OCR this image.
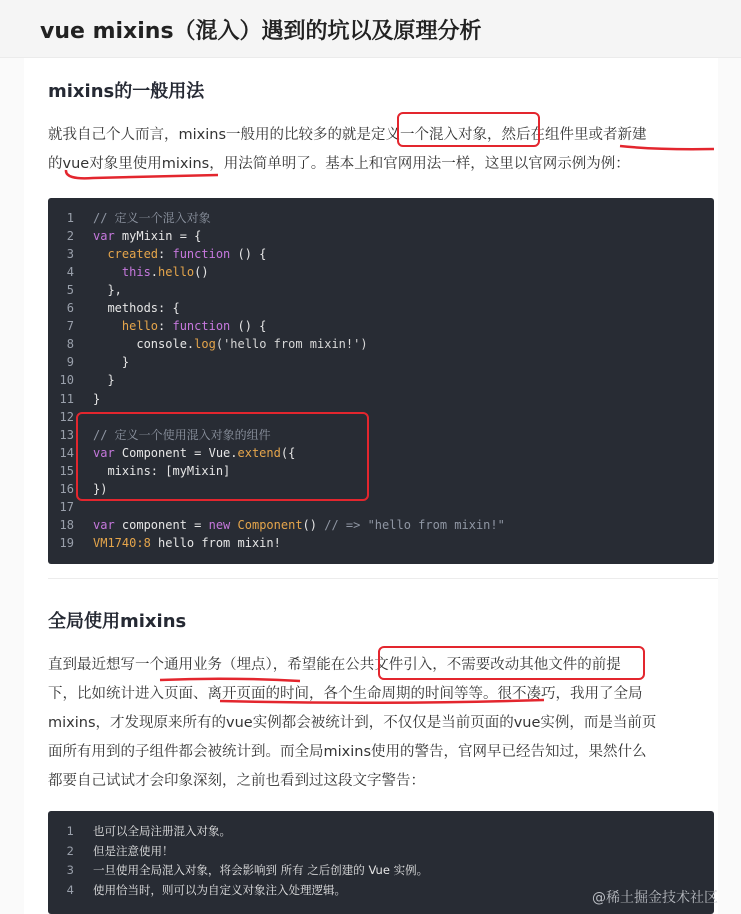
vue mixins（混入）遇到的坑以及原理分析
mixins的一般用法
就我自己个人而言，mixins一般用的比较多的就是定义一个混入对象，然后在组件里或者新建
的vue对象里使用mixins，用法简单明了。基本上和官网用法一样，这里以官网示例为例：
1 // 定义一个混入对象
2 var myMixin = {
3 created: function () {
4 this.hello()
5 },
6 methods: {
7 hello: function () {
8 console.log('hello from mixin!')
9 }
10 }
11 }
12
13 // 定义一个使用混入对象的组件
14 var Component = Vue.extend({
15 mixins: [myMixin]
16 })
17
18 var component = new Component() // => "hello from mixin!"
19 VM1740:8 hello from mixin!
全局使用mixins
直到最近想写一个通用业务（埋点），希望能在公共文件引入，不需要改动其他文件的前提
下，比如统计进入页面、离开页面的时间，各个生命周期的时间等等。很不凑巧，我用了全局
mixins，才发现原来所有的vue实例都会被统计到，不仅仅是当前页面的vue实例，而是当前页
面所有用到的子组件都会被统计到。而全局mixins使用的警告，官网早已经告知过，果然什么
都要自己试试才会印象深刻，之前也看到过这段文字警告：
1 也可以全局注册混入对象。
2 但是注意使用！
3 一旦使用全局混入对象，将会影响到 所有 之后创建的 Vue 实例。
4 使用恰当时，则可以为自定义对象注入处理逻辑。
@稀土掘金技术社区
